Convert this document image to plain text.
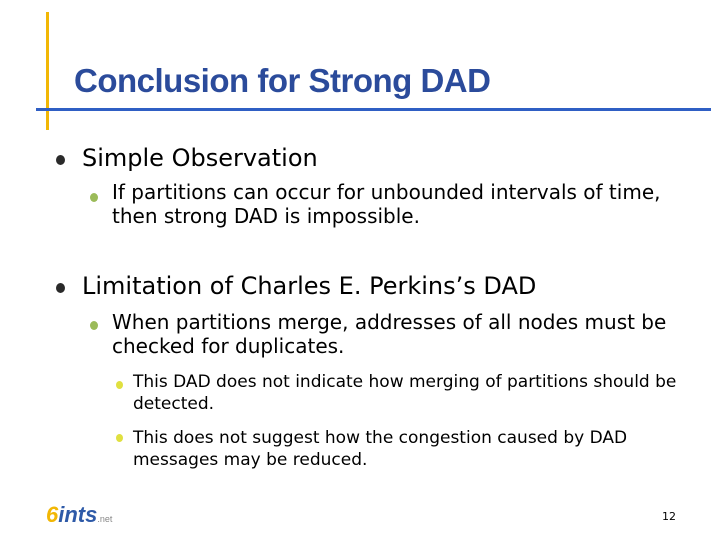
Conclusion for Strong DAD
Simple Observation
If partitions can occur for unbounded intervals of time, then strong DAD is impossible.
Limitation of Charles E. Perkins’s DAD
When partitions merge, addresses of all nodes must be checked for duplicates.
This DAD does not indicate how merging of partitions should be detected.
This does not suggest how the congestion caused by DAD messages may be reduced.
6ints.net	12
